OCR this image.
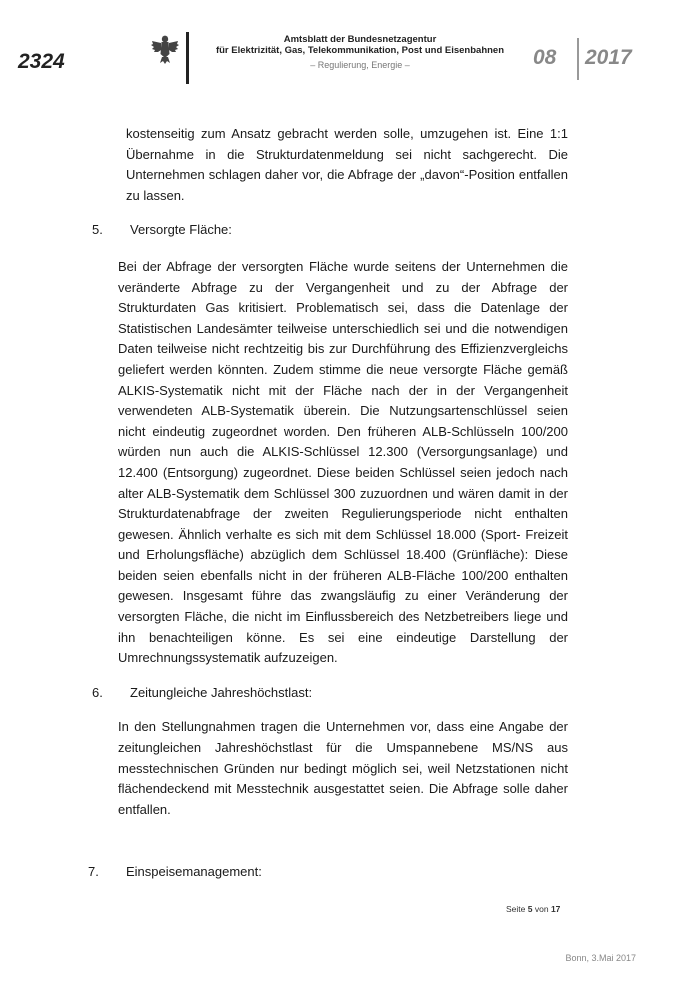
2324
Amtsblatt der Bundesnetzagentur
für Elektrizität, Gas, Telekommunikation, Post und Eisenbahnen
– Regulierung, Energie –	08 2017

kostenseitig zum Ansatz gebracht werden solle, umzugehen ist. Eine 1:1 Übernahme in die Strukturdatenmeldung sei nicht sachgerecht. Die Unternehmen schlagen daher vor, die Abfrage der „davon“-Position entfallen zu lassen.

5.	Versorgte Fläche:

Bei der Abfrage der versorgten Fläche wurde seitens der Unternehmen die veränderte Abfrage zu der Vergangenheit und zu der Abfrage der Strukturdaten Gas kritisiert. Problematisch sei, dass die Datenlage der Statistischen Landesämter teilweise unterschiedlich sei und die notwendigen Daten teilweise nicht rechtzeitig bis zur Durchführung des Effizienzvergleichs geliefert werden könnten. Zudem stimme die neue versorgte Fläche gemäß ALKIS-Systematik nicht mit der Fläche nach der in der Vergangenheit verwendeten ALB-Systematik überein. Die Nutzungsartenschlüssel seien nicht eindeutig zugeordnet worden. Den früheren ALB-Schlüsseln 100/200 würden nun auch die ALKIS-Schlüssel 12.300 (Versorgungsanlage) und 12.400 (Entsorgung) zugeordnet. Diese beiden Schlüssel seien jedoch nach alter ALB-Systematik dem Schlüssel 300 zuzuordnen und wären damit in der Strukturdatenabfrage der zweiten Regulierungsperiode nicht enthalten gewesen. Ähnlich verhalte es sich mit dem Schlüssel 18.000 (Sport- Freizeit und Erholungsfläche) abzüglich dem Schlüssel 18.400 (Grünfläche): Diese beiden seien ebenfalls nicht in der früheren ALB-Fläche 100/200 enthalten gewesen. Insgesamt führe das zwangsläufig zu einer Veränderung der versorgten Fläche, die nicht im Einflussbereich des Netzbetreibers liege und ihn benachteiligen könne. Es sei eine eindeutige Darstellung der Umrechnungssystematik aufzuzeigen.

6.	Zeitungleiche Jahreshöchstlast:

In den Stellungnahmen tragen die Unternehmen vor, dass eine Angabe der zeitungleichen Jahreshöchstlast für die Umspannebene MS/NS aus messtechnischen Gründen nur bedingt möglich sei, weil Netzstationen nicht flächendeckend mit Messtechnik ausgestattet seien. Die Abfrage solle daher entfallen.

7.	Einspeisemanagement:
Seite 5 von 17
Bonn, 3.Mai 2017
